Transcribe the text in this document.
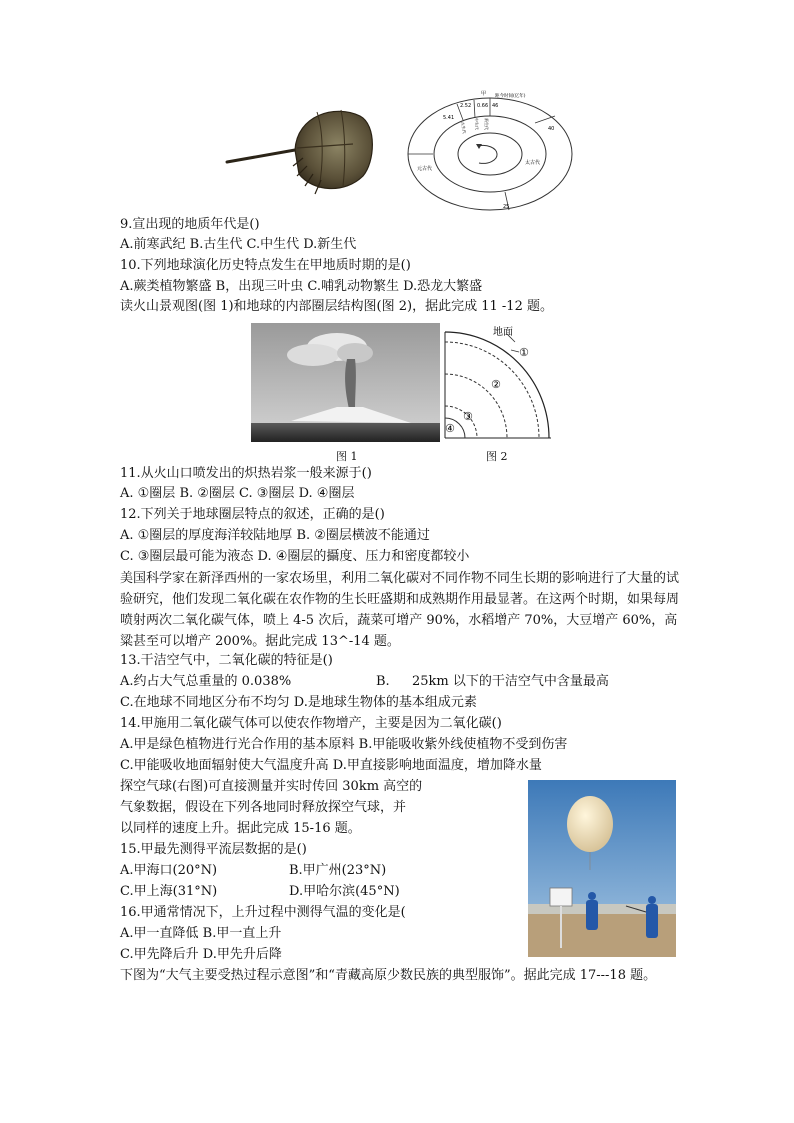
甲 距今时间(亿年)
2.52 0.66 46
5.41
40
25
古生代 中生代 新生代
元古代
太古代
9.宣出现的地质年代是()
A.前寒武纪 B.古生代 C.中生代 D.新生代
10.下列地球演化历史特点发生在甲地质时期的是()
A.蕨类植物繁盛 B，出现三叶虫 C.哺乳动物繁生 D.恐龙大繁盛
读火山景观图(图 1)和地球的内部圈层结构图(图 2)，据此完成 11 -12 题。
地面
①
②
③
④
图 1	图 2
11.从火山口喷发出的炽热岩浆一般来源于()
A. ①圈层 B. ②圈层 C. ③圈层 D. ④圈层
12.下列关于地球圈层特点的叙述，正确的是()
A. ①圈层的厚度海洋较陆地厚 B. ②圈层横波不能通过
C. ③圈层最可能为液态 D. ④圈层的攝度、压力和密度都较小
美国科学家在新泽西州的一家农场里，利用二氧化碳对不同作物不同生长期的影响进行了大量的试验研究，他们发现二氧化碳在农作物的生长旺盛期和成熟期作用最显著。在这两个时期，如果每周喷射两次二氧化碳气体，喷上 4-5 次后，蔬菜可增产 90%，水稻增产 70%，大豆增产 60%，高粱甚至可以增产 200%。据此完成 13^-14 题。
13.干洁空气中，二氧化碳的特征是()
A.约占大气总重量的 0.038%	B. 25km 以下的干洁空气中含量最高
C.在地球不同地区分布不均匀 D.是地球生物体的基本组成元素
14.甲施用二氧化碳气体可以使农作物增产，主要是因为二氧化碳()
A.甲是绿色植物进行光合作用的基本原料 B.甲能吸收紫外线使植物不受到伤害
C.甲能吸收地面辐射使大气温度升高 D.甲直接影响地面温度，增加降水量
探空气球(右图)可直接测量并实时传回 30km 高空的
气象数据，假设在下列各地同时释放探空气球，并
以同样的速度上升。据此完成 15-16 题。
15.甲最先测得平流层数据的是()
A.甲海口(20°N)	B.甲广州(23°N)
C.甲上海(31°N)	D.甲哈尔滨(45°N)
16.甲通常情况下，上升过程中测得气温的变化是(
A.甲一直降低 B.甲一直上升
C.甲先降后升 D.甲先升后降
下图为“大气主要受热过程示意图”和“青藏高原少数民族的典型服饰”。据此完成 17---18 题。
